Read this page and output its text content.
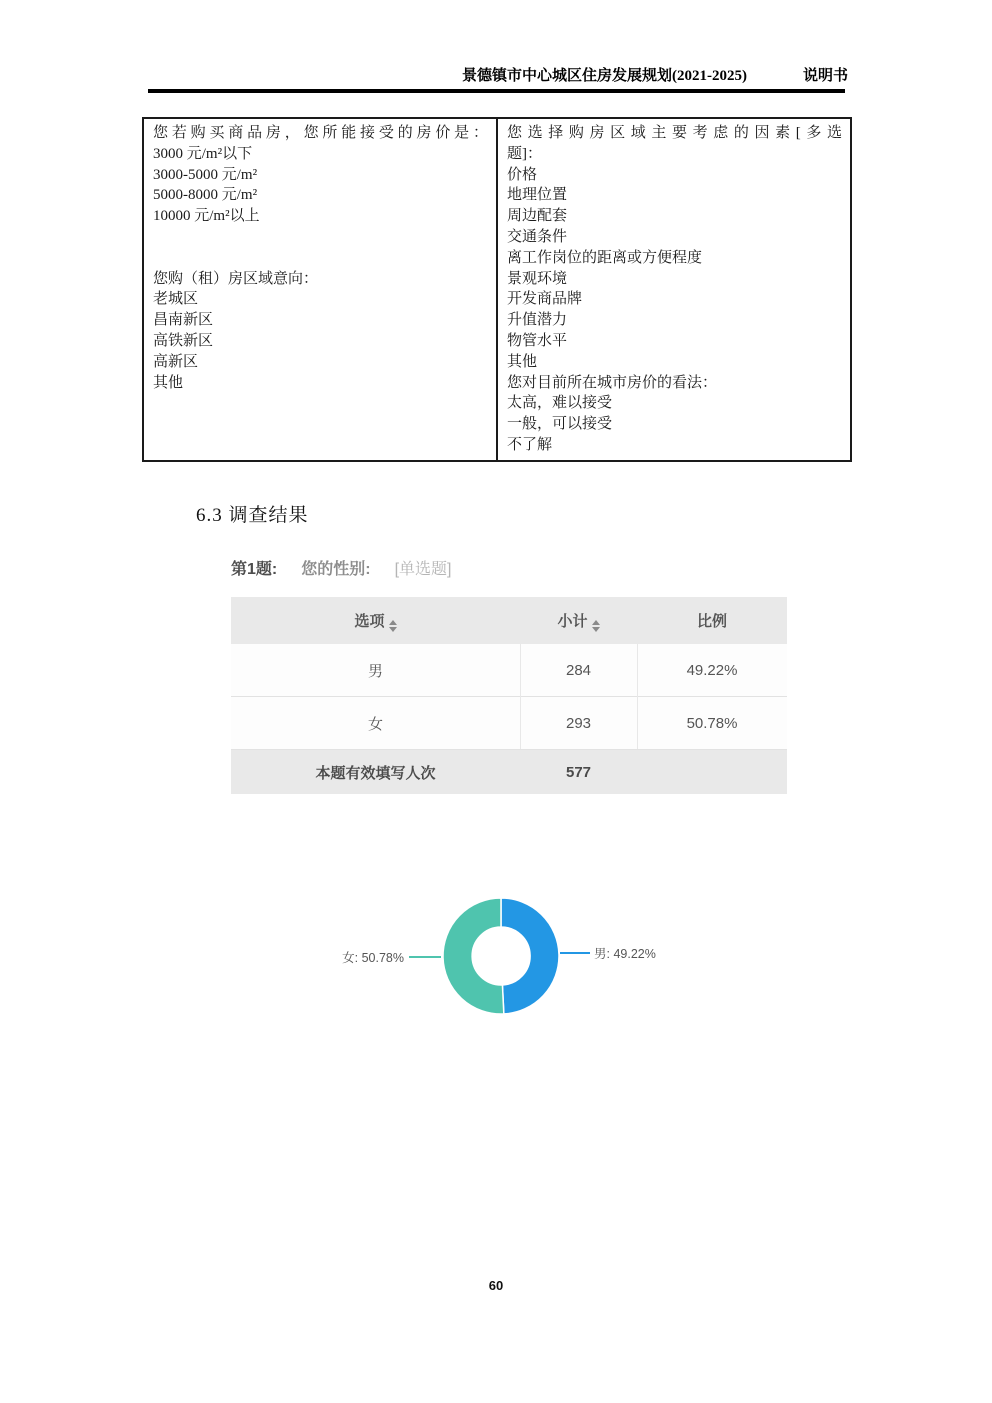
景德镇市中心城区住房发展规划(2021-2025)	说明书
您若购买商品房，您所能接受的房价是：
3000 元/m²以下
3000-5000 元/m²
5000-8000 元/m²
10000 元/m²以上
您购（租）房区域意向：
老城区
昌南新区
高铁新区
高新区
其他
您选择购房区域主要考虑的因素[多选
题]：
价格
地理位置
周边配套
交通条件
离工作岗位的距离或方便程度
景观环境
开发商品牌
升值潜力
物管水平
其他
您对目前所在城市房价的看法：
太高，难以接受
一般，可以接受
不了解
6.3 调查结果
第1题: 您的性别: [单选题]
选项	小计	比例
男	284	49.22%
女	293	50.78%
本题有效填写人次	577
女: 50.78%	男: 49.22%
60
